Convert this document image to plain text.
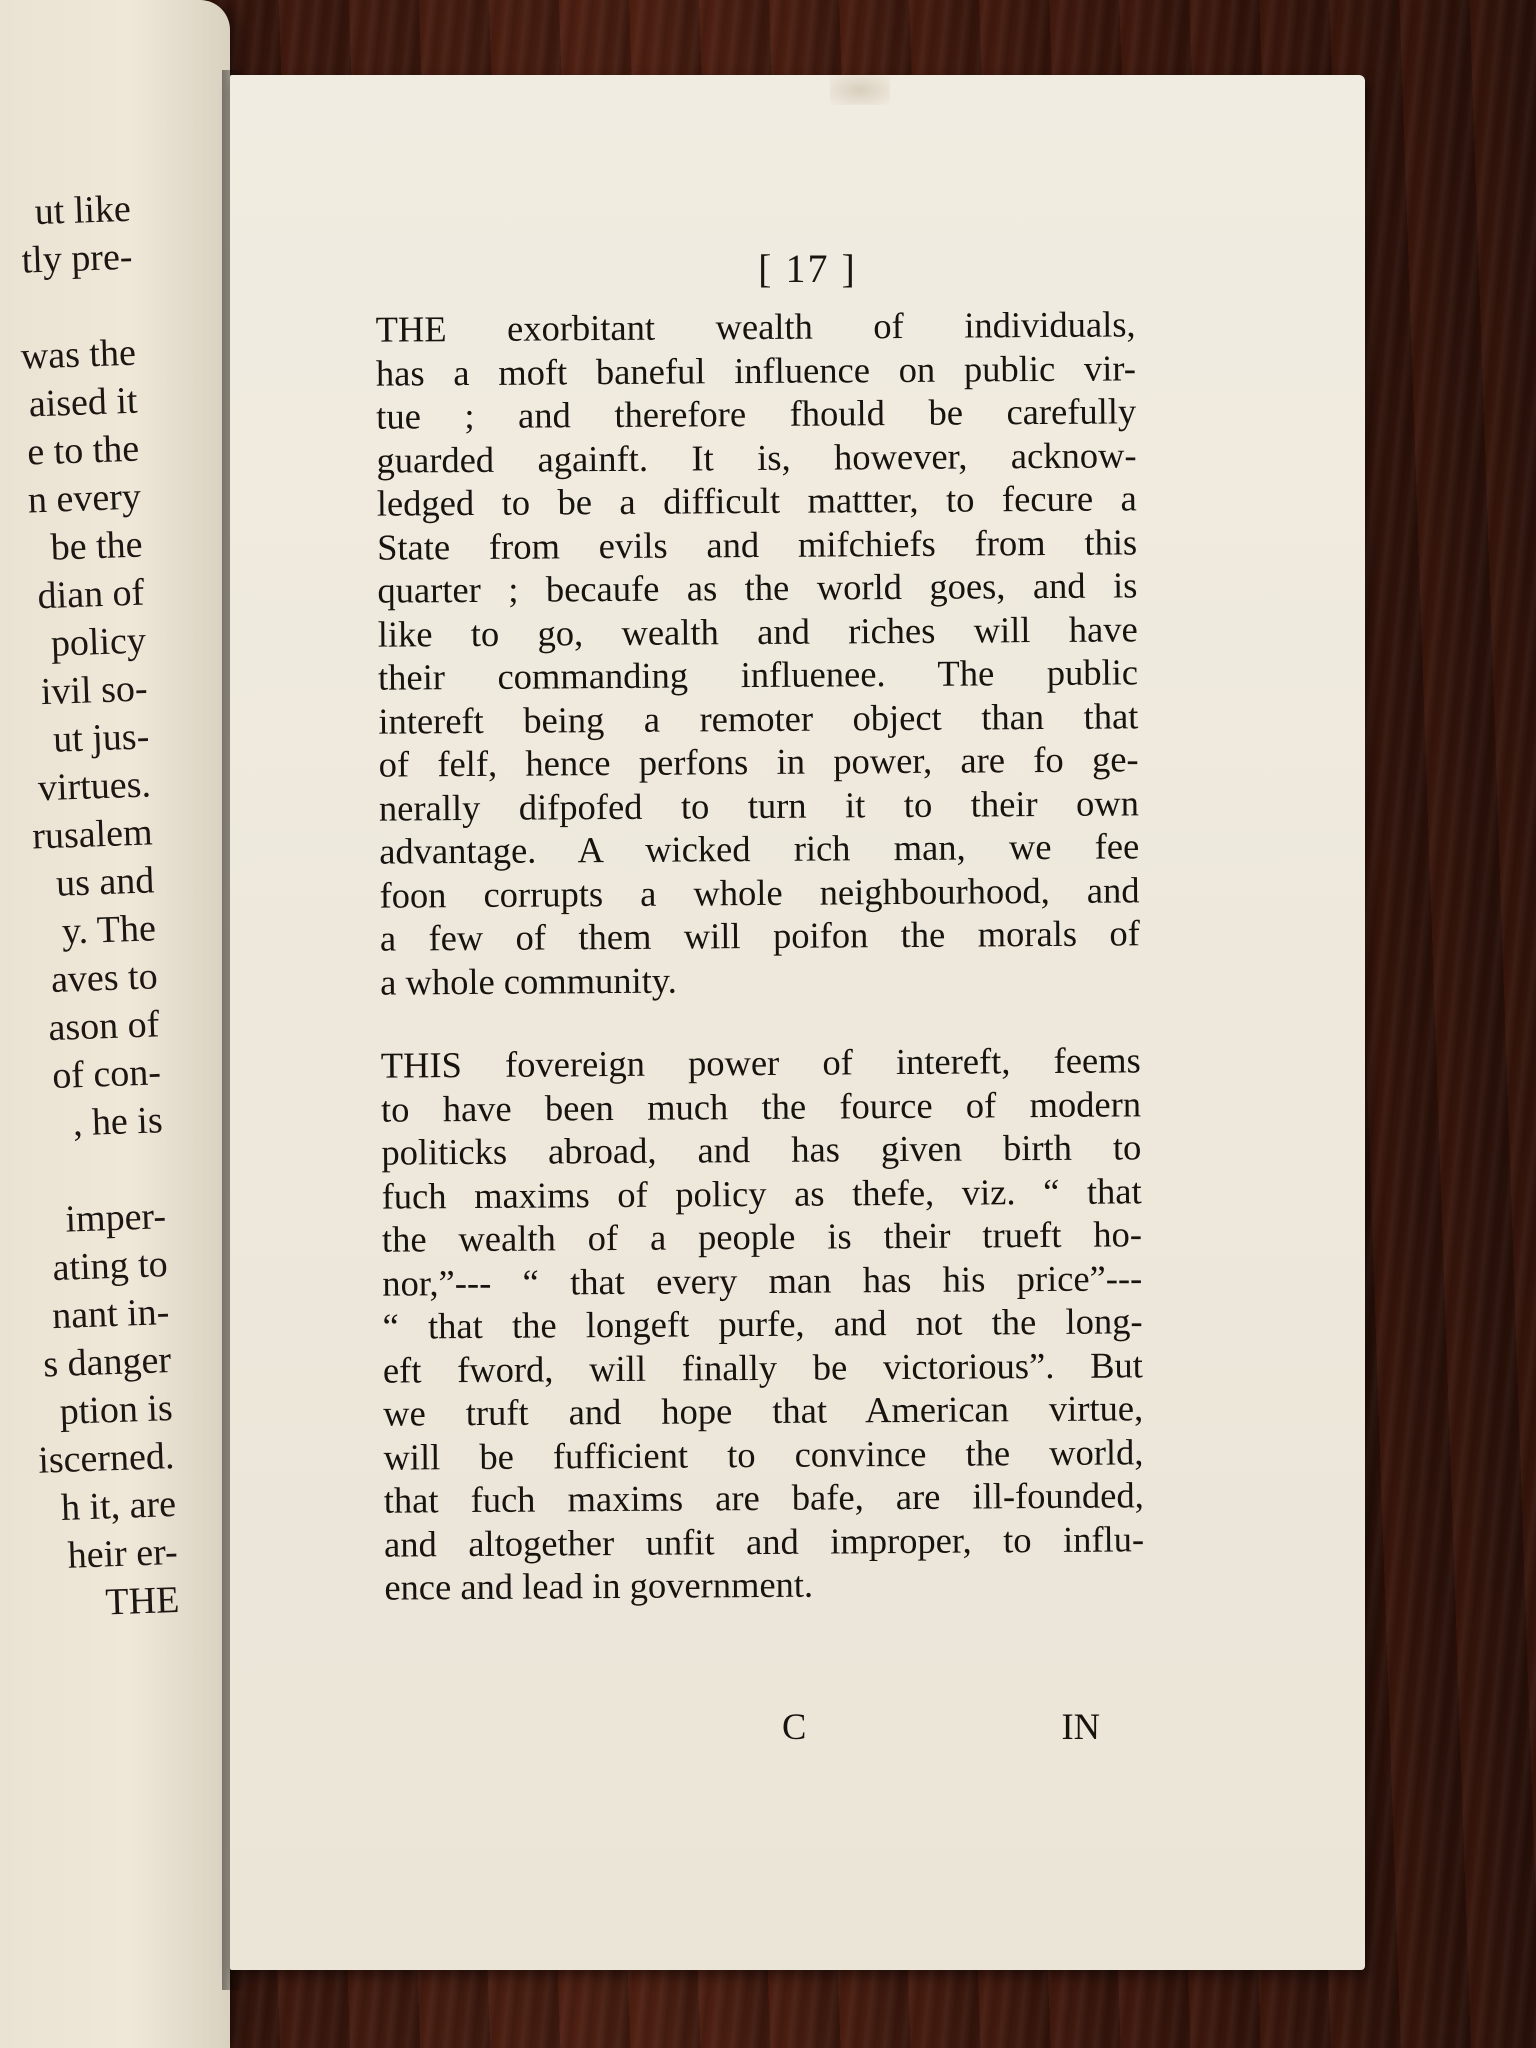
ut like
tly pre-
was the
aised it
e to the
n every
be the
dian of
policy
ivil so-
ut jus-
virtues.
rusalem
us and
y. The
aves to
ason of
of con-
, he is
imper-
ating to
nant in-
s danger
ption is
iscerned.
h it, are
heir er-
THE
[ 17 ]
THE exorbitant wealth of individuals,
has a moft baneful influence on public vir-
tue ; and therefore fhould be carefully
guarded againft. It is, however, acknow-
ledged to be a difficult mattter, to fecure a
State from evils and mifchiefs from this
quarter ; becaufe as the world goes, and is
like to go, wealth and riches will have
their commanding influenee. The public
intereft being a remoter object than that
of felf, hence perfons in power, are fo ge-
nerally difpofed to turn it to their own
advantage. A wicked rich man, we fee
foon corrupts a whole neighbourhood, and
a few of them will poifon the morals of
a whole community.
THIS fovereign power of intereft, feems
to have been much the fource of modern
politicks abroad, and has given birth to
fuch maxims of policy as thefe, viz. “ that
the wealth of a people is their trueft ho-
nor,”--- “ that every man has his price”---
“ that the longeft purfe, and not the long-
eft fword, will finally be victorious”. But
we truft and hope that American virtue,
will be fufficient to convince the world,
that fuch maxims are bafe, are ill-founded,
and altogether unfit and improper, to influ-
ence and lead in government.
C	IN
